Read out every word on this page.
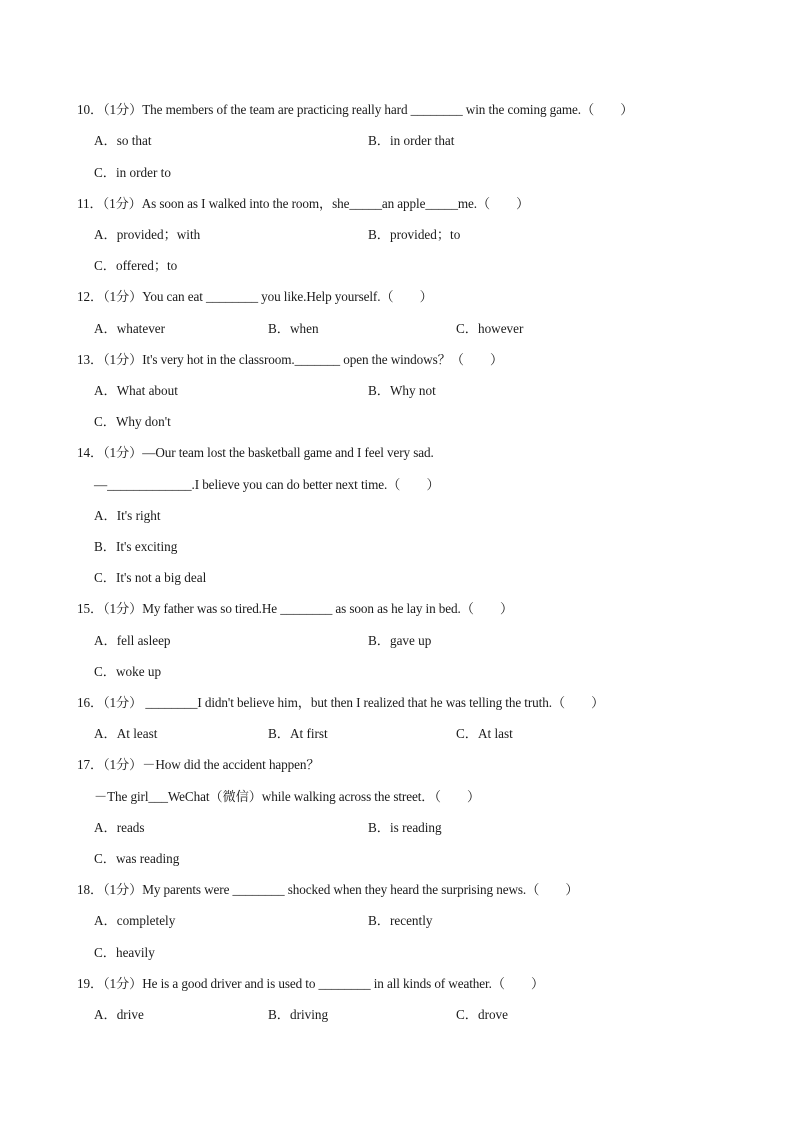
10．（1分）The members of the team are practicing really hard ________ win the coming game.（　　）
A．so that	B．in order that
C．in order to
11．（1分）As soon as I walked into the room，she_____an apple_____me.（　　）
A．provided；with	B．provided；to
C．offered；to
12．（1分）You can eat ________ you like.Help yourself.（　　）
A．whatever	B．when	C．however
13．（1分）It's very hot in the classroom._______ open the windows？（　　）
A．What about	B．Why not
C．Why don't
14．（1分）—Our team lost the basketball game and I feel very sad.
—_____________.I believe you can do better next time.（　　）
A．It's right
B．It's exciting
C．It's not a big deal
15．（1分）My father was so tired.He ________ as soon as he lay in bed.（　　）
A．fell asleep	B．gave up
C．woke up
16．（1分） ________I didn't believe him，but then I realized that he was telling the truth.（　　）
A．At least	B．At first	C．At last
17．（1分）－How did the accident happen？
－The girl___WeChat（微信）while walking across the street．（　　）
A．reads	B．is reading
C．was reading
18．（1分）My parents were ________ shocked when they heard the surprising news.（　　）
A．completely	B．recently
C．heavily
19．（1分）He is a good driver and is used to ________ in all kinds of weather.（　　）
A．drive	B．driving	C．drove
